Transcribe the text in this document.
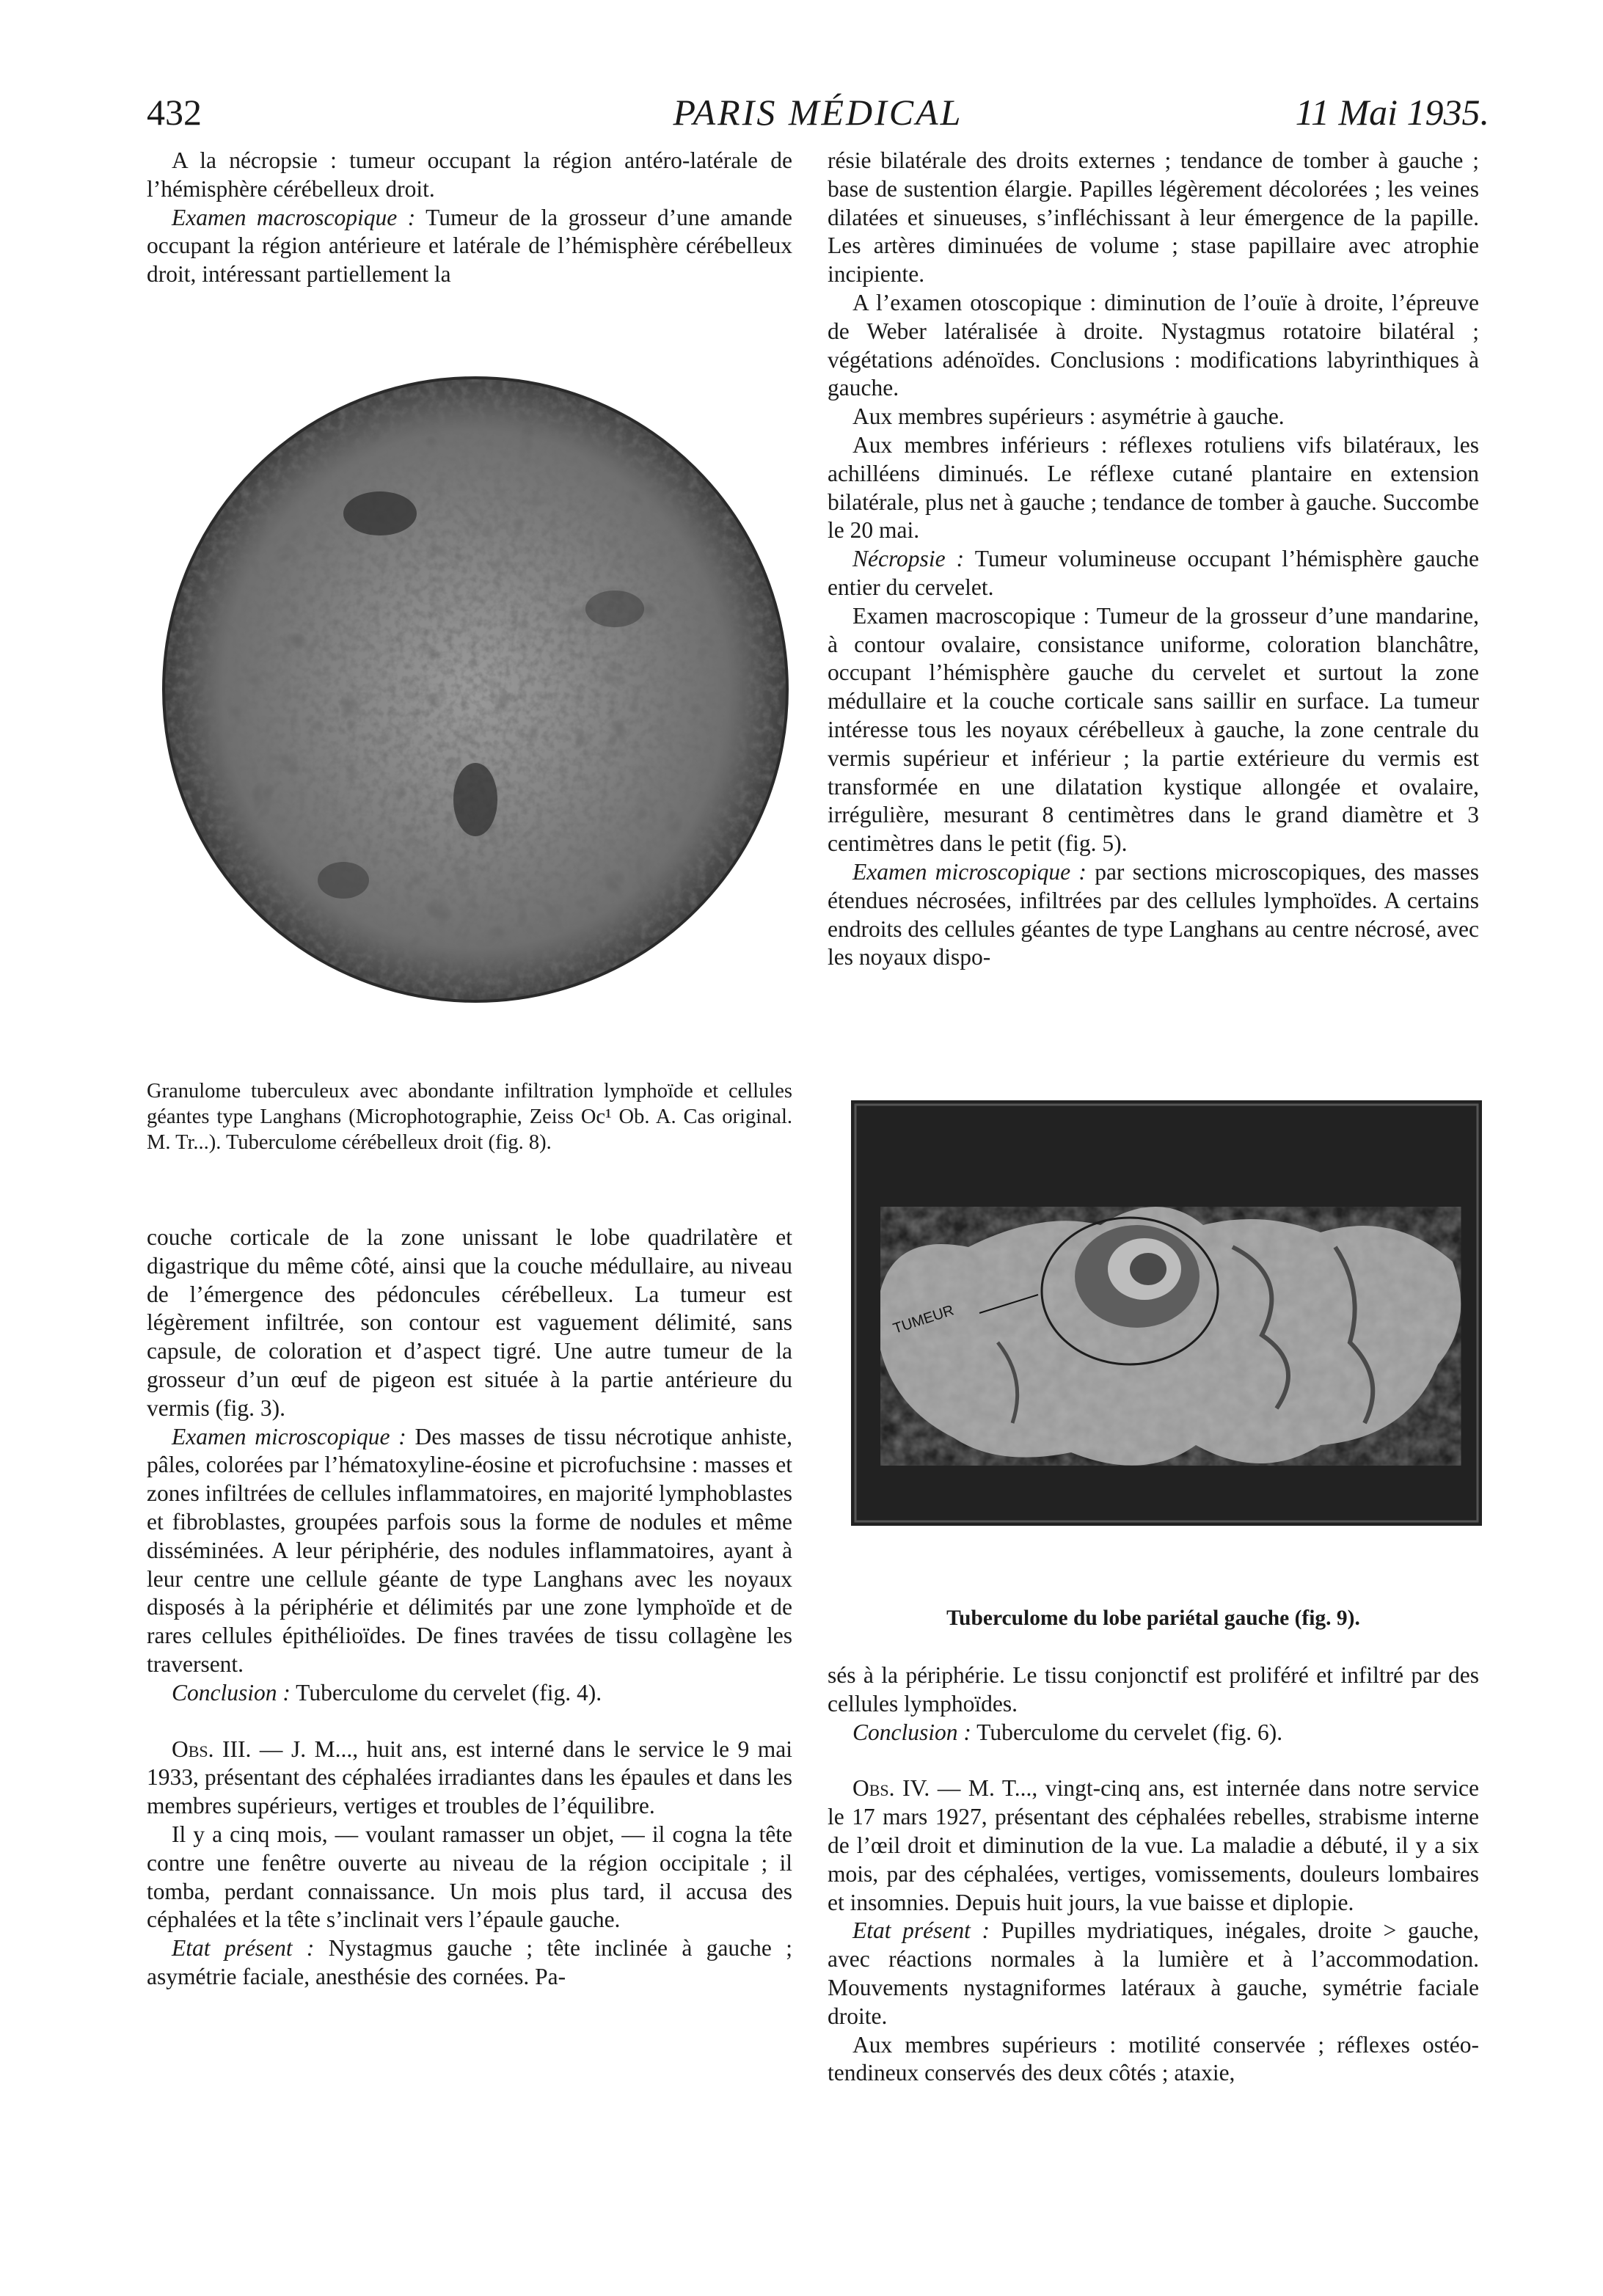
432	PARIS MÉDICAL	11 Mai 1935.

A la nécropsie : tumeur occupant la région antéro-latérale de l’hémisphère cérébelleux droit.

Examen macroscopique : Tumeur de la grosseur d’une amande occupant la région antérieure et latérale de l’hémisphère cérébelleux droit, intéressant partiellement la

Granulome tuberculeux avec abondante infiltration lymphoïde et cellules géantes type Langhans (Microphotographie, Zeiss Oc¹ Ob. A. Cas original. M. Tr...). Tuberculome cérébelleux droit (fig. 8).

couche corticale de la zone unissant le lobe quadrilatère et digastrique du même côté, ainsi que la couche médullaire, au niveau de l’émergence des pédoncules cérébelleux. La tumeur est légèrement infiltrée, son contour est vaguement délimité, sans capsule, de coloration et d’aspect tigré. Une autre tumeur de la grosseur d’un œuf de pigeon est située à la partie antérieure du vermis (fig. 3).

Examen microscopique : Des masses de tissu nécrotique anhiste, pâles, colorées par l’hématoxyline-éosine et picrofuchsine : masses et zones infiltrées de cellules inflammatoires, en majorité lymphoblastes et fibroblastes, groupées parfois sous la forme de nodules et même disséminées. A leur périphérie, des nodules inflammatoires, ayant à leur centre une cellule géante de type Langhans avec les noyaux disposés à la périphérie et délimités par une zone lymphoïde et de rares cellules épithélioïdes. De fines travées de tissu collagène les traversent.

Conclusion : Tuberculome du cervelet (fig. 4).

Obs. III. — J. M..., huit ans, est interné dans le service le 9 mai 1933, présentant des céphalées irradiantes dans les épaules et dans les membres supérieurs, vertiges et troubles de l’équilibre.

Il y a cinq mois, — voulant ramasser un objet, — il cogna la tête contre une fenêtre ouverte au niveau de la région occipitale ; il tomba, perdant connaissance. Un mois plus tard, il accusa des céphalées et la tête s’inclinait vers l’épaule gauche.

Etat présent : Nystagmus gauche ; tête inclinée à gauche ; asymétrie faciale, anesthésie des cornées. Pa-

résie bilatérale des droits externes ; tendance de tomber à gauche ; base de sustention élargie. Papilles légèrement décolorées ; les veines dilatées et sinueuses, s’infléchissant à leur émergence de la papille. Les artères diminuées de volume ; stase papillaire avec atrophie incipiente.

A l’examen otoscopique : diminution de l’ouïe à droite, l’épreuve de Weber latéralisée à droite. Nystagmus rotatoire bilatéral ; végétations adénoïdes. Conclusions : modifications labyrinthiques à gauche.

Aux membres supérieurs : asymétrie à gauche.

Aux membres inférieurs : réflexes rotuliens vifs bilatéraux, les achilléens diminués. Le réflexe cutané plantaire en extension bilatérale, plus net à gauche ; tendance de tomber à gauche. Succombe le 20 mai.

Nécropsie : Tumeur volumineuse occupant l’hémisphère gauche entier du cervelet.

Examen macroscopique : Tumeur de la grosseur d’une mandarine, à contour ovalaire, consistance uniforme, coloration blanchâtre, occupant l’hémisphère gauche du cervelet et surtout la zone médullaire et la couche corticale sans saillir en surface. La tumeur intéresse tous les noyaux cérébelleux à gauche, la zone centrale du vermis supérieur et inférieur ; la partie extérieure du vermis est transformée en une dilatation kystique allongée et ovalaire, irrégulière, mesurant 8 centimètres dans le grand diamètre et 3 centimètres dans le petit (fig. 5).

Examen microscopique : par sections microscopiques, des masses étendues nécrosées, infiltrées par des cellules lymphoïdes. A certains endroits des cellules géantes de type Langhans au centre nécrosé, avec les noyaux dispo-

TUMEUR
Tuberculome du lobe pariétal gauche (fig. 9).

sés à la périphérie. Le tissu conjonctif est proliféré et infiltré par des cellules lymphoïdes.

Conclusion : Tuberculome du cervelet (fig. 6).

Obs. IV. — M. T..., vingt-cinq ans, est internée dans notre service le 17 mars 1927, présentant des céphalées rebelles, strabisme interne de l’œil droit et diminution de la vue. La maladie a débuté, il y a six mois, par des céphalées, vertiges, vomissements, douleurs lombaires et insomnies. Depuis huit jours, la vue baisse et diplopie.

Etat présent : Pupilles mydriatiques, inégales, droite > gauche, avec réactions normales à la lumière et à l’accommodation. Mouvements nystagniformes latéraux à gauche, symétrie faciale droite.

Aux membres supérieurs : motilité conservée ; réflexes ostéo-tendineux conservés des deux côtés ; ataxie,
